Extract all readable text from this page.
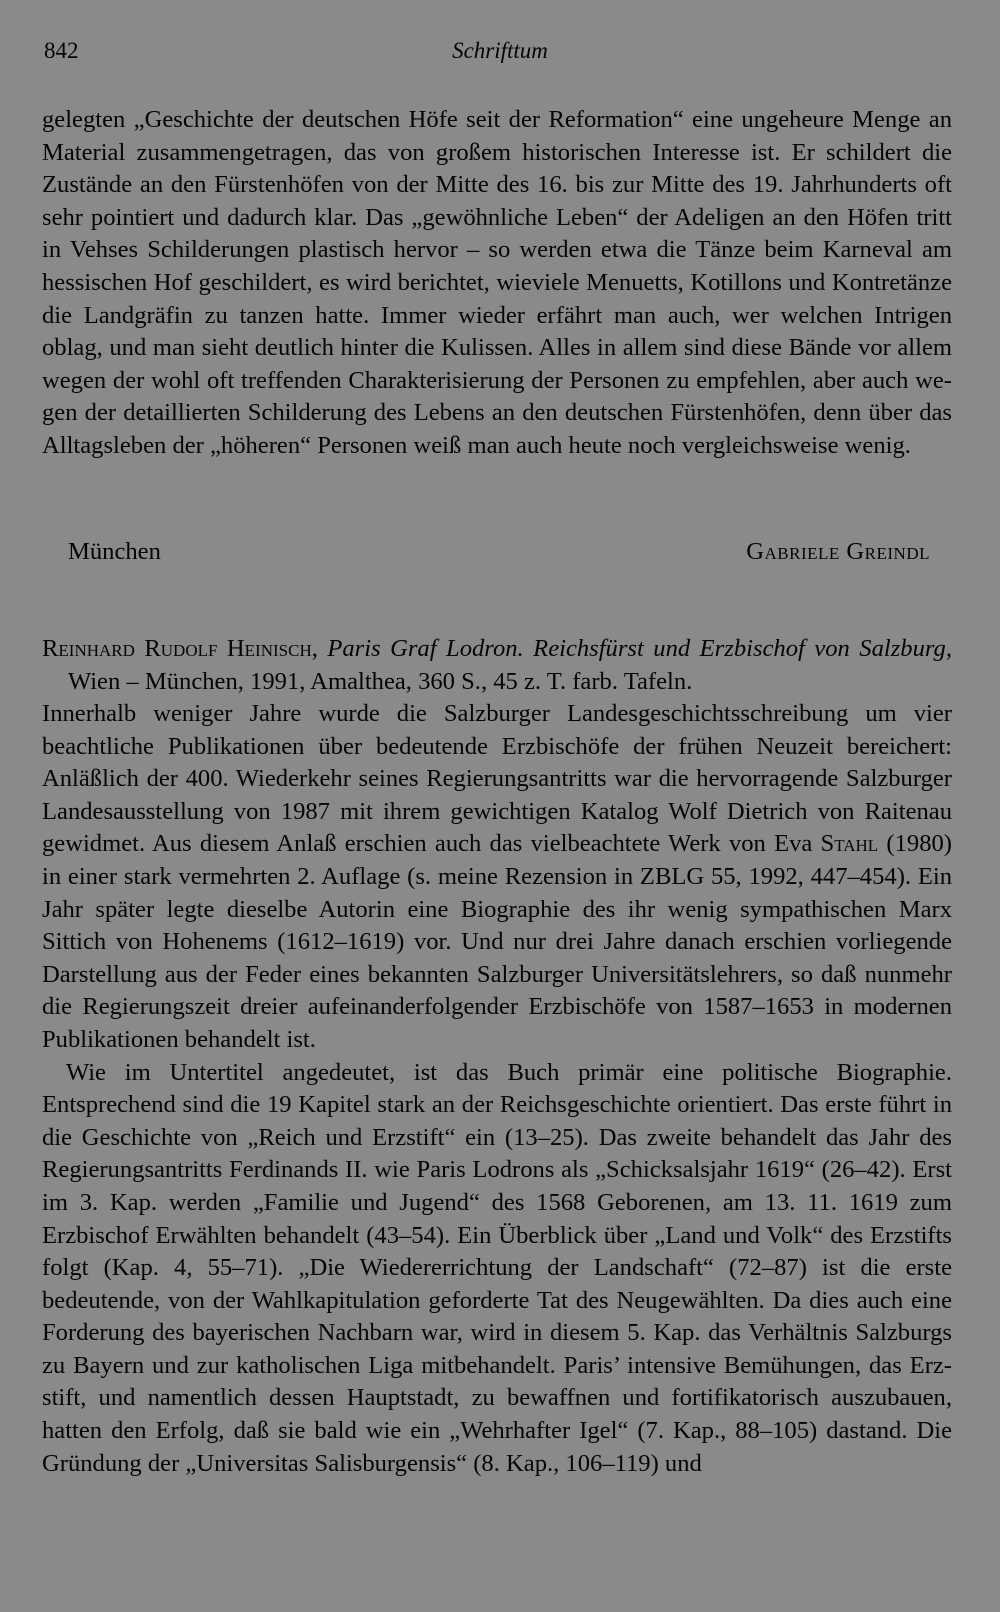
842	Schrifttum

gelegten „Geschichte der deutschen Höfe seit der Reformation“ eine ungeheure Menge an Material zusammengetragen, das von großem historischen Interesse ist. Er schildert die Zustände an den Fürstenhöfen von der Mitte des 16. bis zur Mitte des 19. Jahrhunderts oft sehr pointiert und dadurch klar. Das „gewöhnliche Leben“ der Adeligen an den Höfen tritt in Vehses Schilderungen plastisch hervor – so werden etwa die Tänze beim Karneval am hessischen Hof geschildert, es wird berichtet, wieviele Menuetts, Kotillons und Kontretänze die Landgräfin zu tanzen hatte. Immer wieder erfährt man auch, wer welchen Intrigen oblag, und man sieht deutlich hinter die Kulissen. Alles in allem sind diese Bände vor allem wegen der wohl oft treffenden Charakterisierung der Personen zu empfehlen, aber auch wegen der detaillierten Schilderung des Lebens an den deutschen Fürstenhöfen, denn über das Alltagsleben der „höheren“ Personen weiß man auch heute noch vergleichsweise wenig.

München	Gabriele Greindl
Reinhard Rudolf Heinisch, Paris Graf Lodron. Reichsfürst und Erzbischof von Salzburg, Wien – München, 1991, Amalthea, 360 S., 45 z. T. farb. Tafeln.

Innerhalb weniger Jahre wurde die Salzburger Landesgeschichtsschreibung um vier beachtliche Publikationen über bedeutende Erzbischöfe der frühen Neuzeit bereichert: Anläßlich der 400. Wiederkehr seines Regierungsantritts war die hervorragende Salzburger Landesausstellung von 1987 mit ihrem gewichtigen Katalog Wolf Dietrich von Raitenau gewidmet. Aus diesem Anlaß erschien auch das vielbeachtete Werk von Eva Stahl (1980) in einer stark vermehrten 2. Auflage (s. meine Rezension in ZBLG 55, 1992, 447–454). Ein Jahr später legte dieselbe Autorin eine Biographie des ihr wenig sympathischen Marx Sittich von Hohenems (1612–1619) vor. Und nur drei Jahre danach erschien vorliegende Darstellung aus der Feder eines bekannten Salzburger Universitätslehrers, so daß nunmehr die Regierungszeit dreier aufeinanderfolgender Erzbischöfe von 1587–1653 in modernen Publikationen behandelt ist.

Wie im Untertitel angedeutet, ist das Buch primär eine politische Biographie. Entsprechend sind die 19 Kapitel stark an der Reichsgeschichte orientiert. Das erste führt in die Geschichte von „Reich und Erzstift“ ein (13–25). Das zweite behandelt das Jahr des Regierungsantritts Ferdinands II. wie Paris Lodrons als „Schicksalsjahr 1619“ (26–42). Erst im 3. Kap. werden „Familie und Jugend“ des 1568 Geborenen, am 13. 11. 1619 zum Erzbischof Erwählten behandelt (43–54). Ein Überblick über „Land und Volk“ des Erzstifts folgt (Kap. 4, 55–71). „Die Wiedererrichtung der Landschaft“ (72–87) ist die erste bedeutende, von der Wahlkapitulation geforderte Tat des Neugewählten. Da dies auch eine Forderung des bayerischen Nachbarn war, wird in diesem 5. Kap. das Verhältnis Salzburgs zu Bayern und zur katholischen Liga mitbehandelt. Paris’ intensive Bemühungen, das Erzstift, und namentlich dessen Hauptstadt, zu bewaffnen und fortifikatorisch auszubauen, hatten den Erfolg, daß sie bald wie ein „Wehrhafter Igel“ (7. Kap., 88–105) dastand. Die Gründung der „Universitas Salisburgensis“ (8. Kap., 106–119) und
